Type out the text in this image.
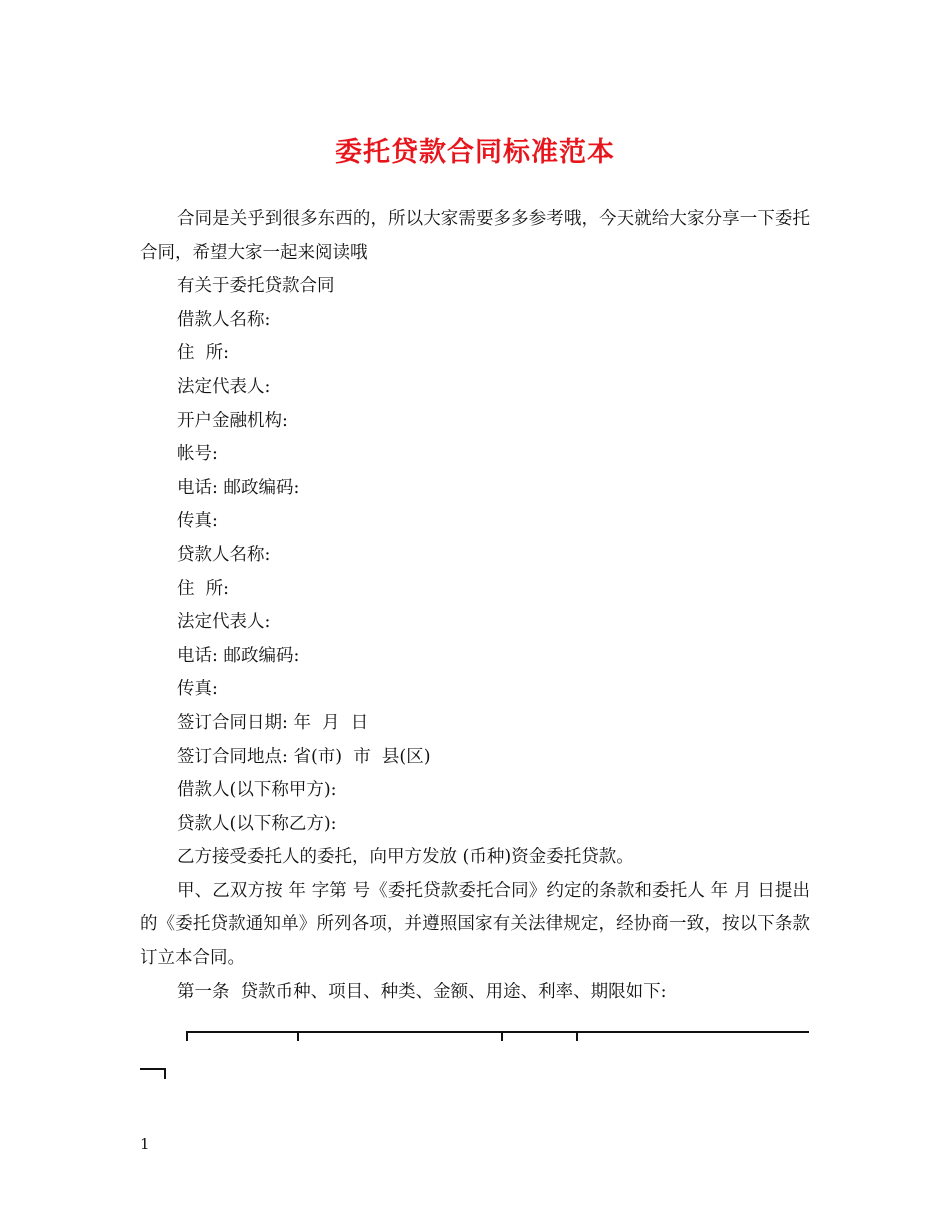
委托贷款合同标准范本

合同是关乎到很多东西的，所以大家需要多多参考哦，今天就给大家分享一下委托合同，希望大家一起来阅读哦

有关于委托贷款合同

借款人名称:

住  所:

法定代表人:

开户金融机构:

帐号:

电话: 邮政编码:

传真:

贷款人名称:

住  所:

法定代表人:

电话: 邮政编码:

传真:

签订合同日期: 年  月  日

签订合同地点: 省(市)  市  县(区)

借款人(以下称甲方):

贷款人(以下称乙方):

乙方接受委托人的委托，向甲方发放 (币种)资金委托贷款。

甲、乙双方按 年 字第 号《委托贷款委托合同》约定的条款和委托人 年 月 日提出的《委托贷款通知单》所列各项，并遵照国家有关法律规定，经协商一致，按以下条款订立本合同。

第一条  贷款币种、项目、种类、金额、用途、利率、期限如下:

1
